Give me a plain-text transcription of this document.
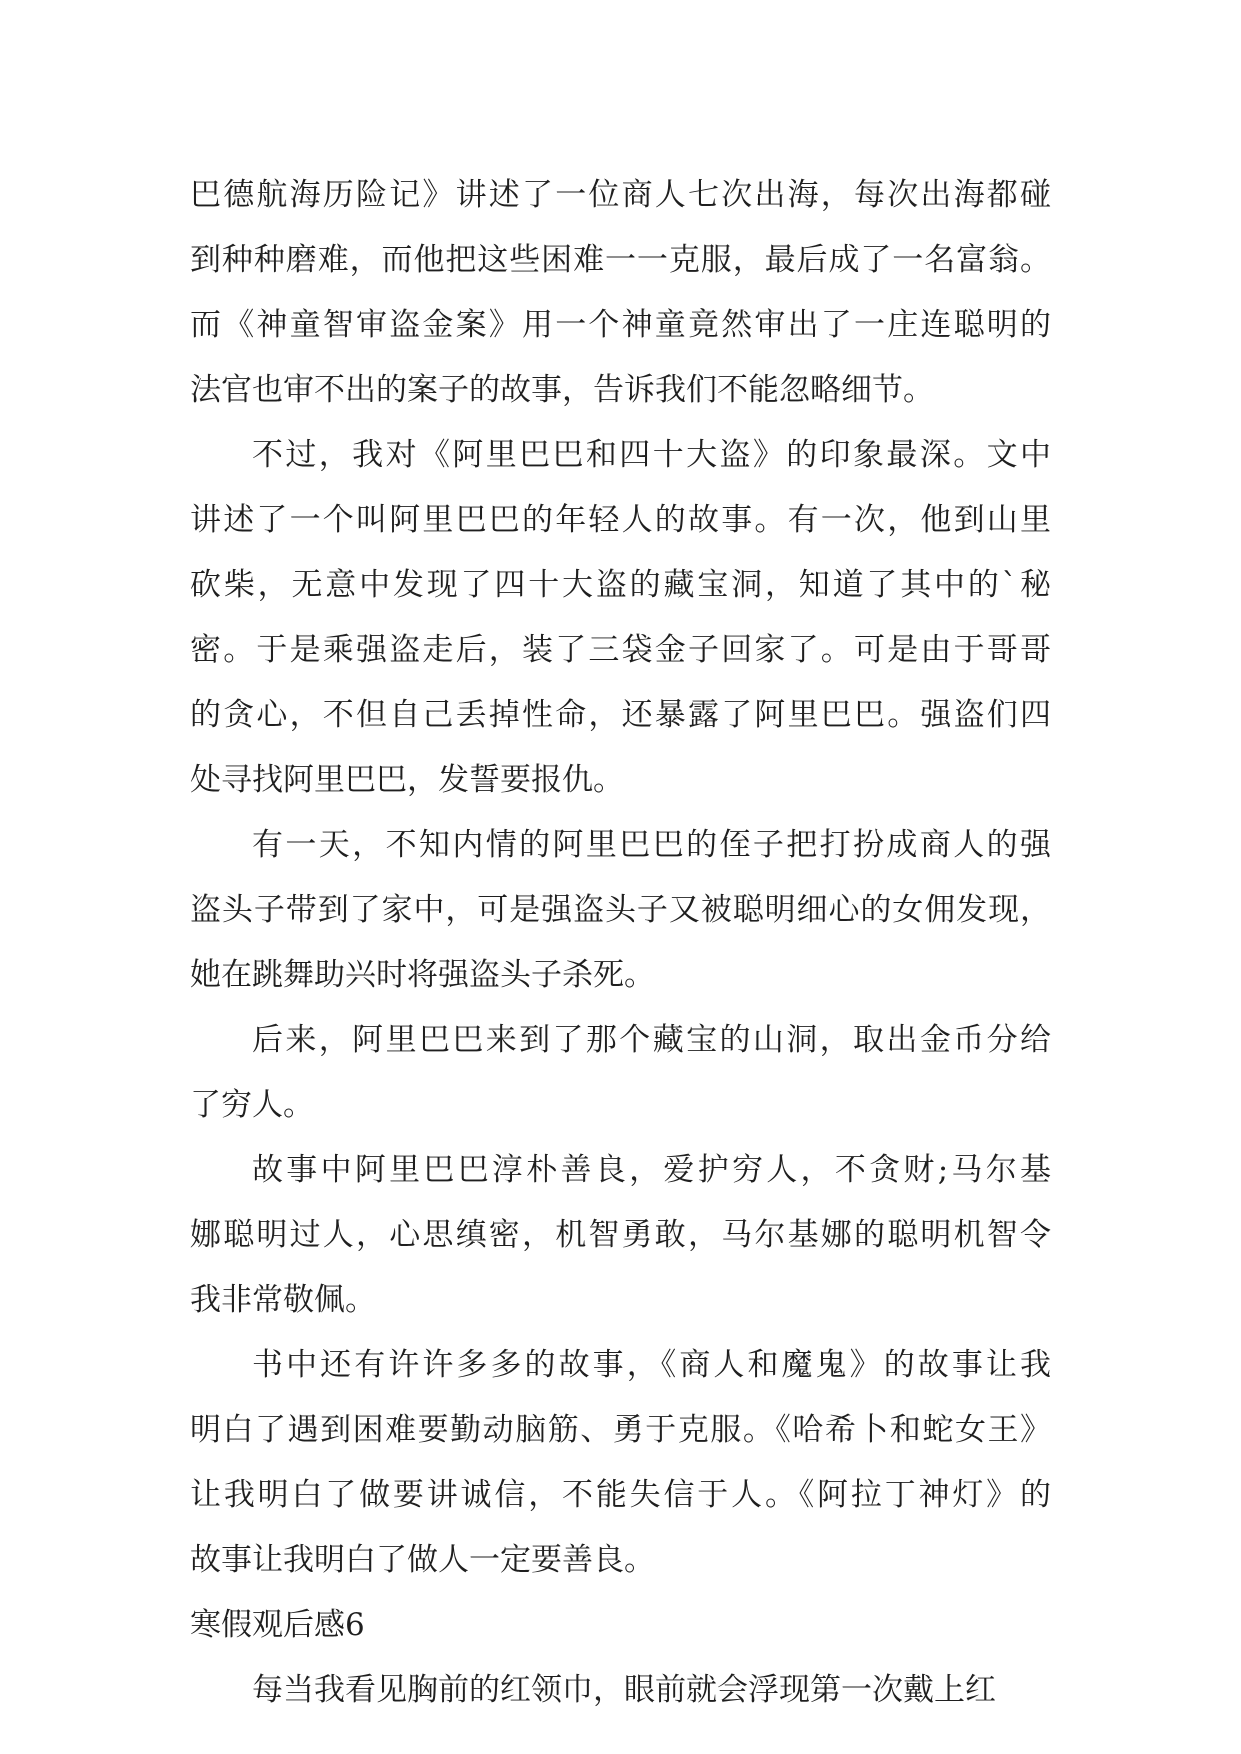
巴德航海历险记》讲述了一位商人七次出海，每次出海都碰
到种种磨难，而他把这些困难一一克服，最后成了一名富翁。
而《神童智审盗金案》用一个神童竟然审出了一庄连聪明的
法官也审不出的案子的故事，告诉我们不能忽略细节。
不过，我对《阿里巴巴和四十大盗》的印象最深。文中
讲述了一个叫阿里巴巴的年轻人的故事。有一次，他到山里
砍柴，无意中发现了四十大盗的藏宝洞，知道了其中的`秘
密。于是乘强盗走后，装了三袋金子回家了。可是由于哥哥
的贪心，不但自己丢掉性命，还暴露了阿里巴巴。强盗们四
处寻找阿里巴巴，发誓要报仇。
有一天，不知内情的阿里巴巴的侄子把打扮成商人的强
盗头子带到了家中，可是强盗头子又被聪明细心的女佣发现，
她在跳舞助兴时将强盗头子杀死。
后来，阿里巴巴来到了那个藏宝的山洞，取出金币分给
了穷人。
故事中阿里巴巴淳朴善良，爱护穷人，不贪财;马尔基
娜聪明过人，心思缜密，机智勇敢，马尔基娜的聪明机智令
我非常敬佩。
书中还有许许多多的故事，《商人和魔鬼》的故事让我
明白了遇到困难要勤动脑筋、勇于克服。《哈希卜和蛇女王》
让我明白了做要讲诚信，不能失信于人。《阿拉丁神灯》的
故事让我明白了做人一定要善良。
寒假观后感6
每当我看见胸前的红领巾，眼前就会浮现第一次戴上红
